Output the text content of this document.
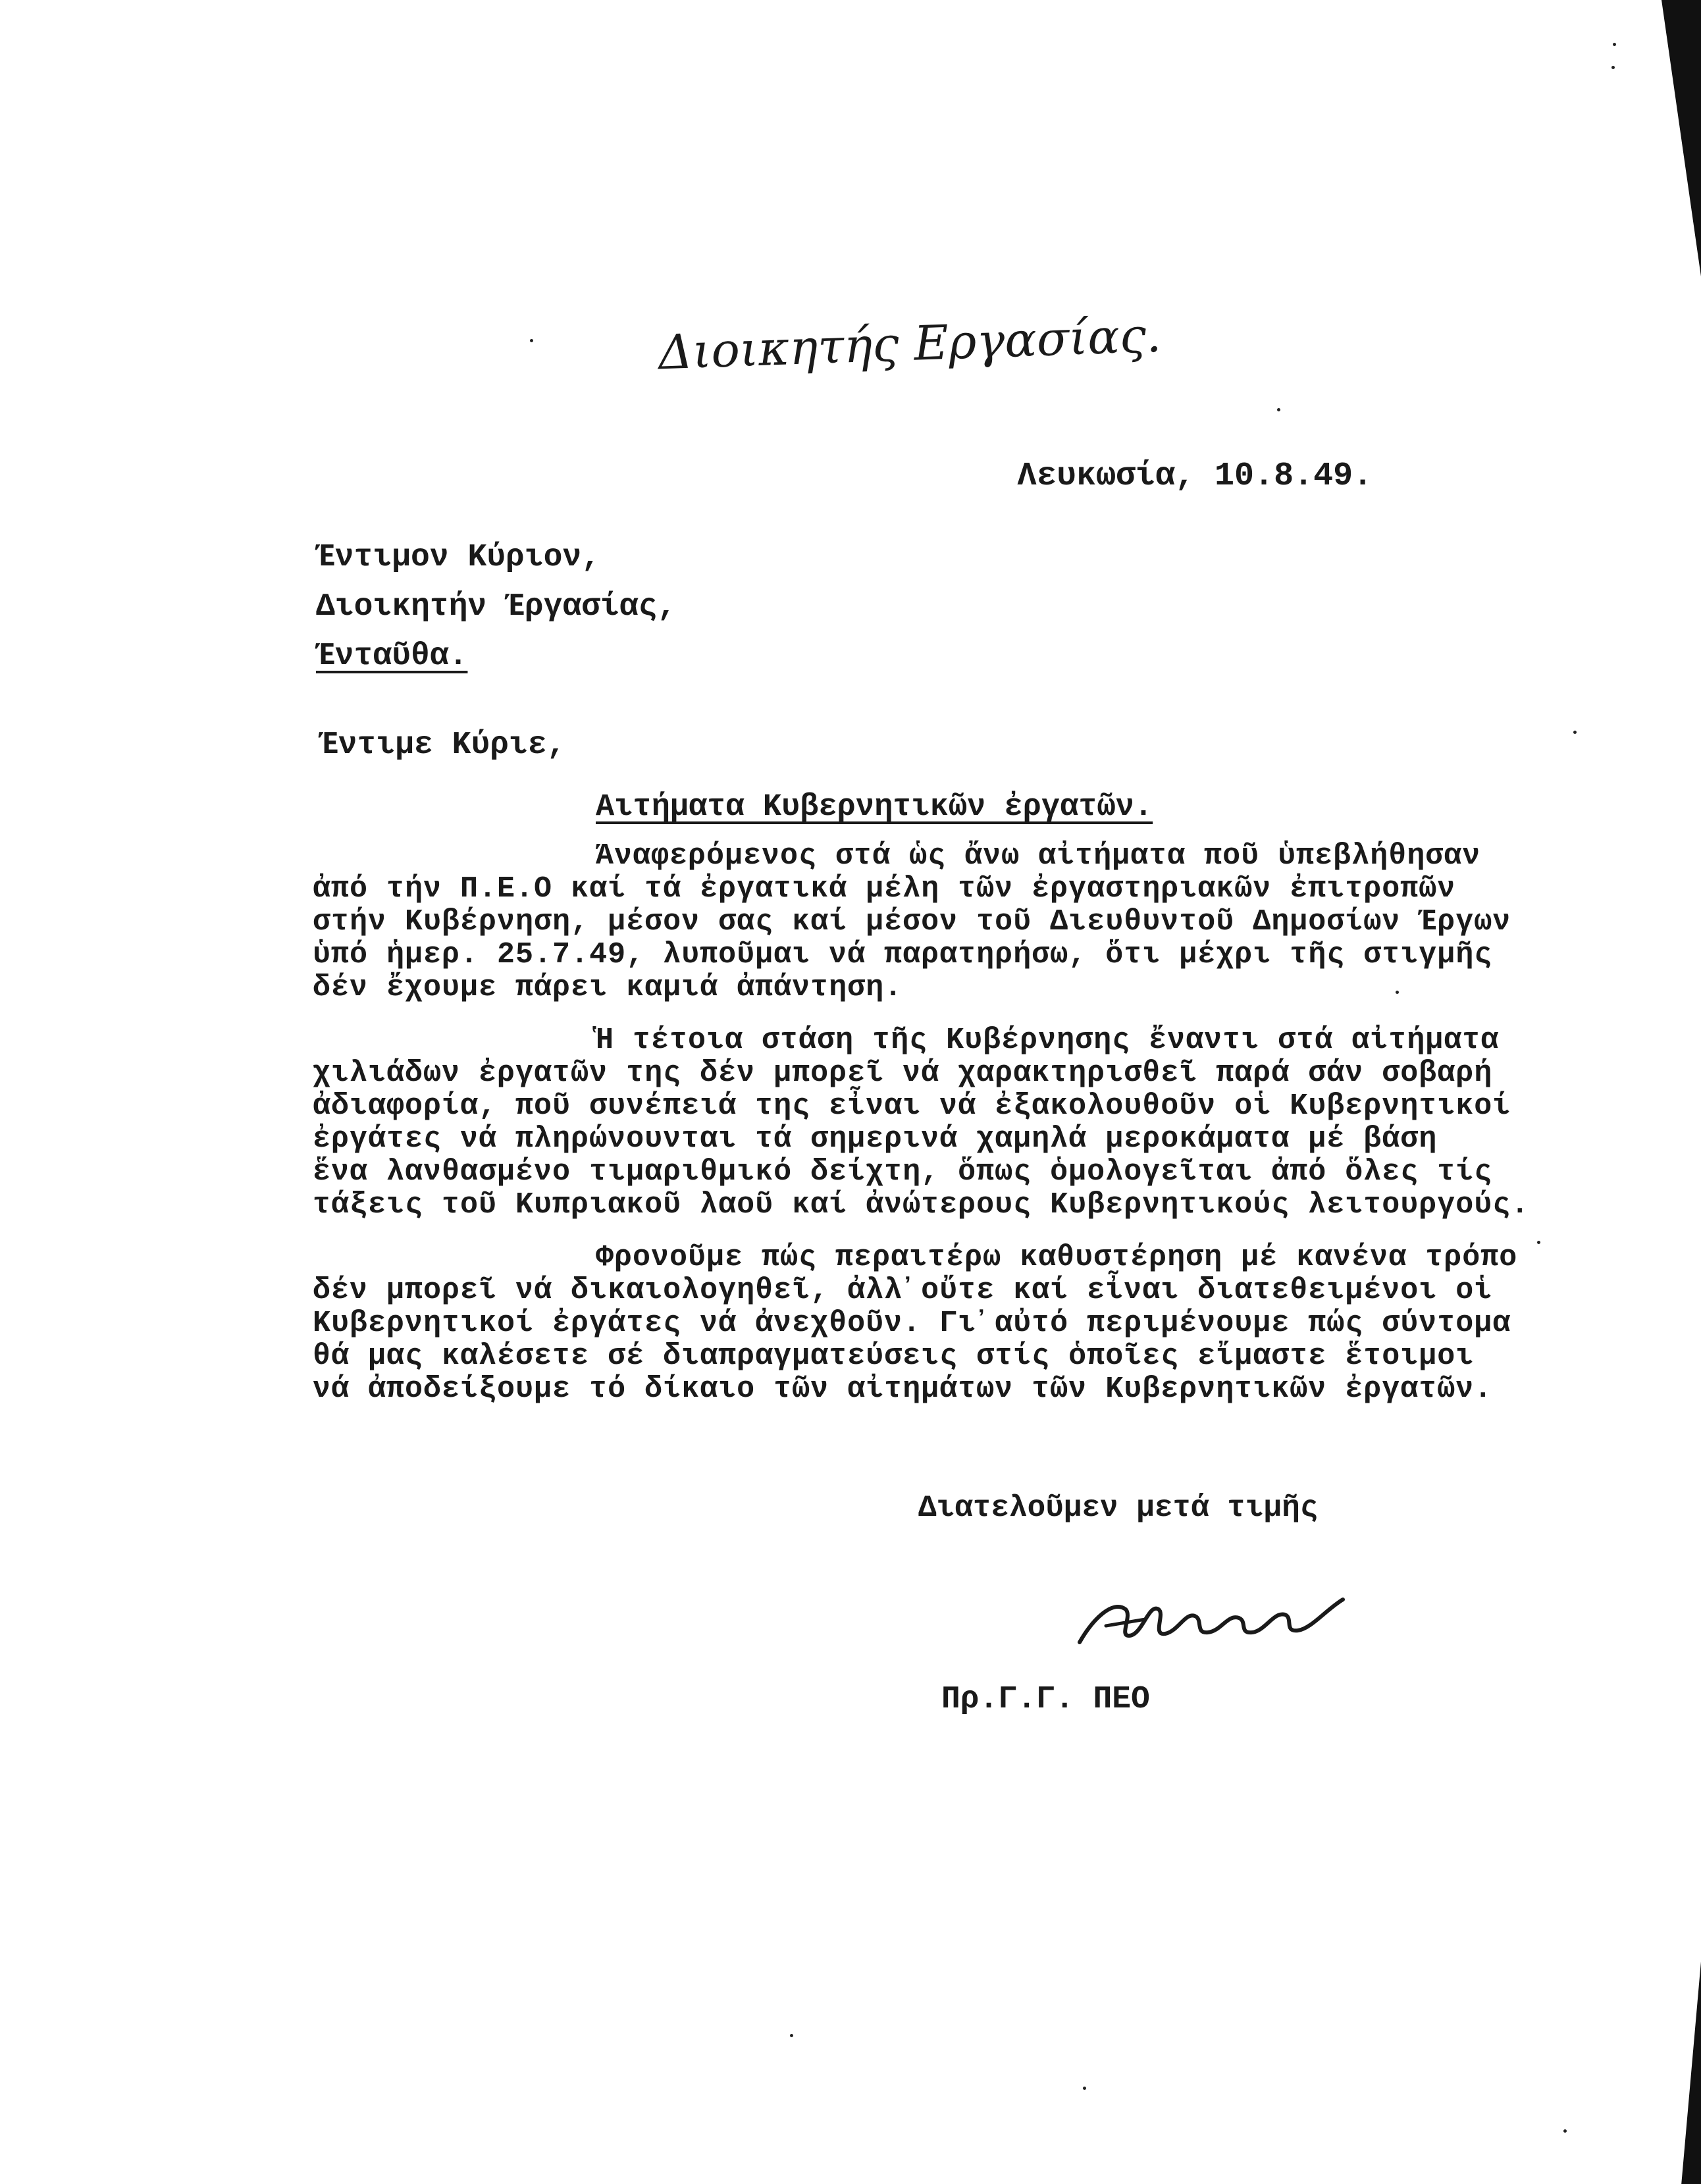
Διοικητής Εργασίας.
Λευκωσία, 10.8.49.
Έντιμον Κύριον,
Διοικητήν Έργασίας,
Ένταῦθα.
Έντιμε Κύριε,
Αιτήματα Κυβερνητικῶν ἐργατῶν.
Άναφερόμενος στά ὡς ἄνω αἰτήματα ποῦ ὑπεβλήθησαν
ἀπό τήν Π.Ε.Ο καί τά ἐργατικά μέλη τῶν ἐργαστηριακῶν ἐπιτροπῶν
στήν Κυβέρνηση, μέσον σας καί μέσον τοῦ Διευθυντοῦ Δημοσίων Έργων
ὑπό ἡμερ. 25.7.49, λυποῦμαι νά παρατηρήσω, ὅτι μέχρι τῆς στιγμῆς
δέν ἔχουμε πάρει καμιά ἀπάντηση.
Ἡ τέτοια στάση τῆς Κυβέρνησης ἔναντι στά αἰτήματα
χιλιάδων ἐργατῶν της δέν μπορεῖ νά χαρακτηρισθεῖ παρά σάν σοβαρή
ἀδιαφορία, ποῦ συνέπειά της εἶναι νά ἐξακολουθοῦν οἱ Κυβερνητικοί
ἐργάτες νά πληρώνουνται τά σημερινά χαμηλά μεροκάματα μέ βάση
ἕνα λανθασμένο τιμαριθμικό δείχτη, ὅπως ὁμολογεῖται ἀπό ὅλες τίς
τάξεις τοῦ Κυπριακοῦ λαοῦ καί ἀνώτερους Κυβερνητικούς λειτουργούς.
Φρονοῦμε πώς περαιτέρω καθυστέρηση μέ κανένα τρόπο
δέν μπορεῖ νά δικαιολογηθεῖ, ἀλλ᾽οὔτε καί εἶναι διατεθειμένοι οἱ
Κυβερνητικοί ἐργάτες νά ἀνεχθοῦν. Γι᾽αὐτό περιμένουμε πώς σύντομα
θά μας καλέσετε σέ διαπραγματεύσεις στίς ὁποῖες εἴμαστε ἕτοιμοι
νά ἀποδείξουμε τό δίκαιο τῶν αἰτημάτων τῶν Κυβερνητικῶν ἐργατῶν.
Διατελοῦμεν μετά τιμῆς
Πρ.Γ.Γ. ΠΕΟ
